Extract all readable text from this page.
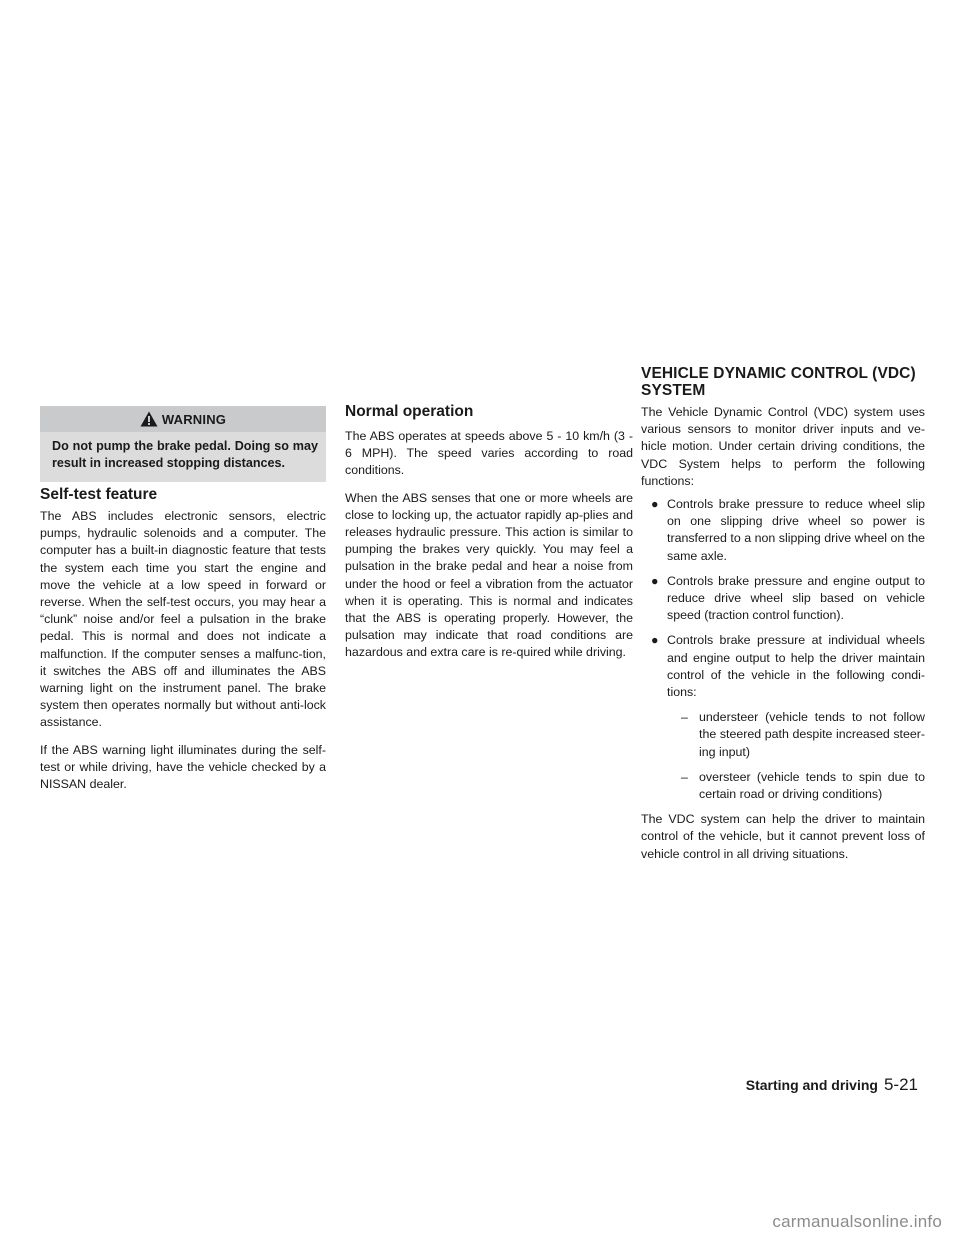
WARNING

Do not pump the brake pedal. Doing so may result in increased stopping distances.

Self-test feature

The ABS includes electronic sensors, electric pumps, hydraulic solenoids and a computer. The computer has a built-in diagnostic feature that tests the system each time you start the engine and move the vehicle at a low speed in forward or reverse. When the self-test occurs, you may hear a “clunk” noise and/or feel a pulsation in the brake pedal. This is normal and does not indicate a malfunction. If the computer senses a malfunc-tion, it switches the ABS off and illuminates the ABS warning light on the instrument panel. The brake system then operates normally but without anti-lock assistance.

If the ABS warning light illuminates during the self-test or while driving, have the vehicle checked by a NISSAN dealer.

Normal operation

The ABS operates at speeds above 5 - 10 km/h (3 - 6 MPH). The speed varies according to road conditions.

When the ABS senses that one or more wheels are close to locking up, the actuator rapidly ap-plies and releases hydraulic pressure. This action is similar to pumping the brakes very quickly. You may feel a pulsation in the brake pedal and hear a noise from under the hood or feel a vibration from the actuator when it is operating. This is normal and indicates that the ABS is operating properly. However, the pulsation may indicate that road conditions are hazardous and extra care is re-quired while driving.

VEHICLE DYNAMIC CONTROL (VDC)
SYSTEM

The Vehicle Dynamic Control (VDC) system uses various sensors to monitor driver inputs and ve-hicle motion. Under certain driving conditions, the VDC System helps to perform the following functions:

● Controls brake pressure to reduce wheel slip on one slipping drive wheel so power is transferred to a non slipping drive wheel on the same axle.
● Controls brake pressure and engine output to reduce drive wheel slip based on vehicle speed (traction control function).
● Controls brake pressure at individual wheels and engine output to help the driver maintain control of the vehicle in the following condi-tions:
– understeer (vehicle tends to not follow the steered path despite increased steer-ing input)
– oversteer (vehicle tends to spin due to certain road or driving conditions)

The VDC system can help the driver to maintain control of the vehicle, but it cannot prevent loss of vehicle control in all driving situations.

Starting and driving 5-21
carmanualsonline.info
